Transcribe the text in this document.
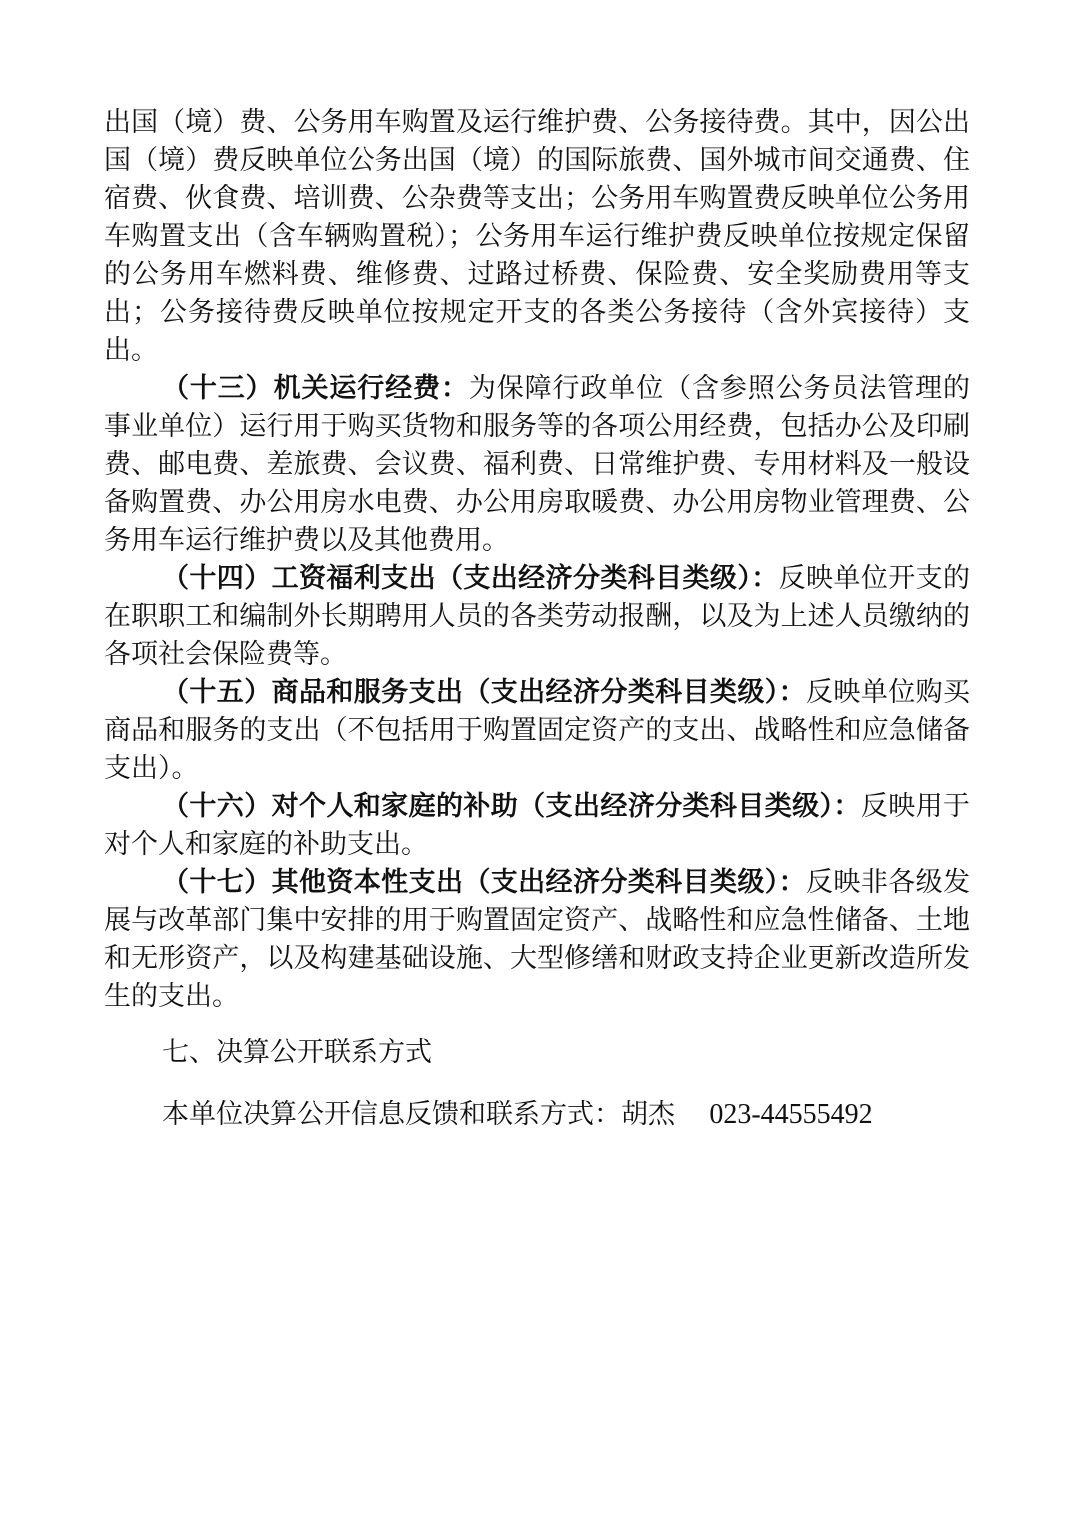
出国（境）费、公务用车购置及运行维护费、公务接待费。其中，因公出国（境）费反映单位公务出国（境）的国际旅费、国外城市间交通费、住宿费、伙食费、培训费、公杂费等支出；公务用车购置费反映单位公务用车购置支出（含车辆购置税）；公务用车运行维护费反映单位按规定保留的公务用车燃料费、维修费、过路过桥费、保险费、安全奖励费用等支出；公务接待费反映单位按规定开支的各类公务接待（含外宾接待）支出。

（十三）机关运行经费：为保障行政单位（含参照公务员法管理的事业单位）运行用于购买货物和服务等的各项公用经费，包括办公及印刷费、邮电费、差旅费、会议费、福利费、日常维护费、专用材料及一般设备购置费、办公用房水电费、办公用房取暖费、办公用房物业管理费、公务用车运行维护费以及其他费用。

（十四）工资福利支出（支出经济分类科目类级）：反映单位开支的在职职工和编制外长期聘用人员的各类劳动报酬，以及为上述人员缴纳的各项社会保险费等。

（十五）商品和服务支出（支出经济分类科目类级）：反映单位购买商品和服务的支出（不包括用于购置固定资产的支出、战略性和应急储备支出）。

（十六）对个人和家庭的补助（支出经济分类科目类级）：反映用于对个人和家庭的补助支出。

（十七）其他资本性支出（支出经济分类科目类级）：反映非各级发展与改革部门集中安排的用于购置固定资产、战略性和应急性储备、土地和无形资产，以及构建基础设施、大型修缮和财政支持企业更新改造所发生的支出。

七、决算公开联系方式

本单位决算公开信息反馈和联系方式：胡杰 023-44555492
